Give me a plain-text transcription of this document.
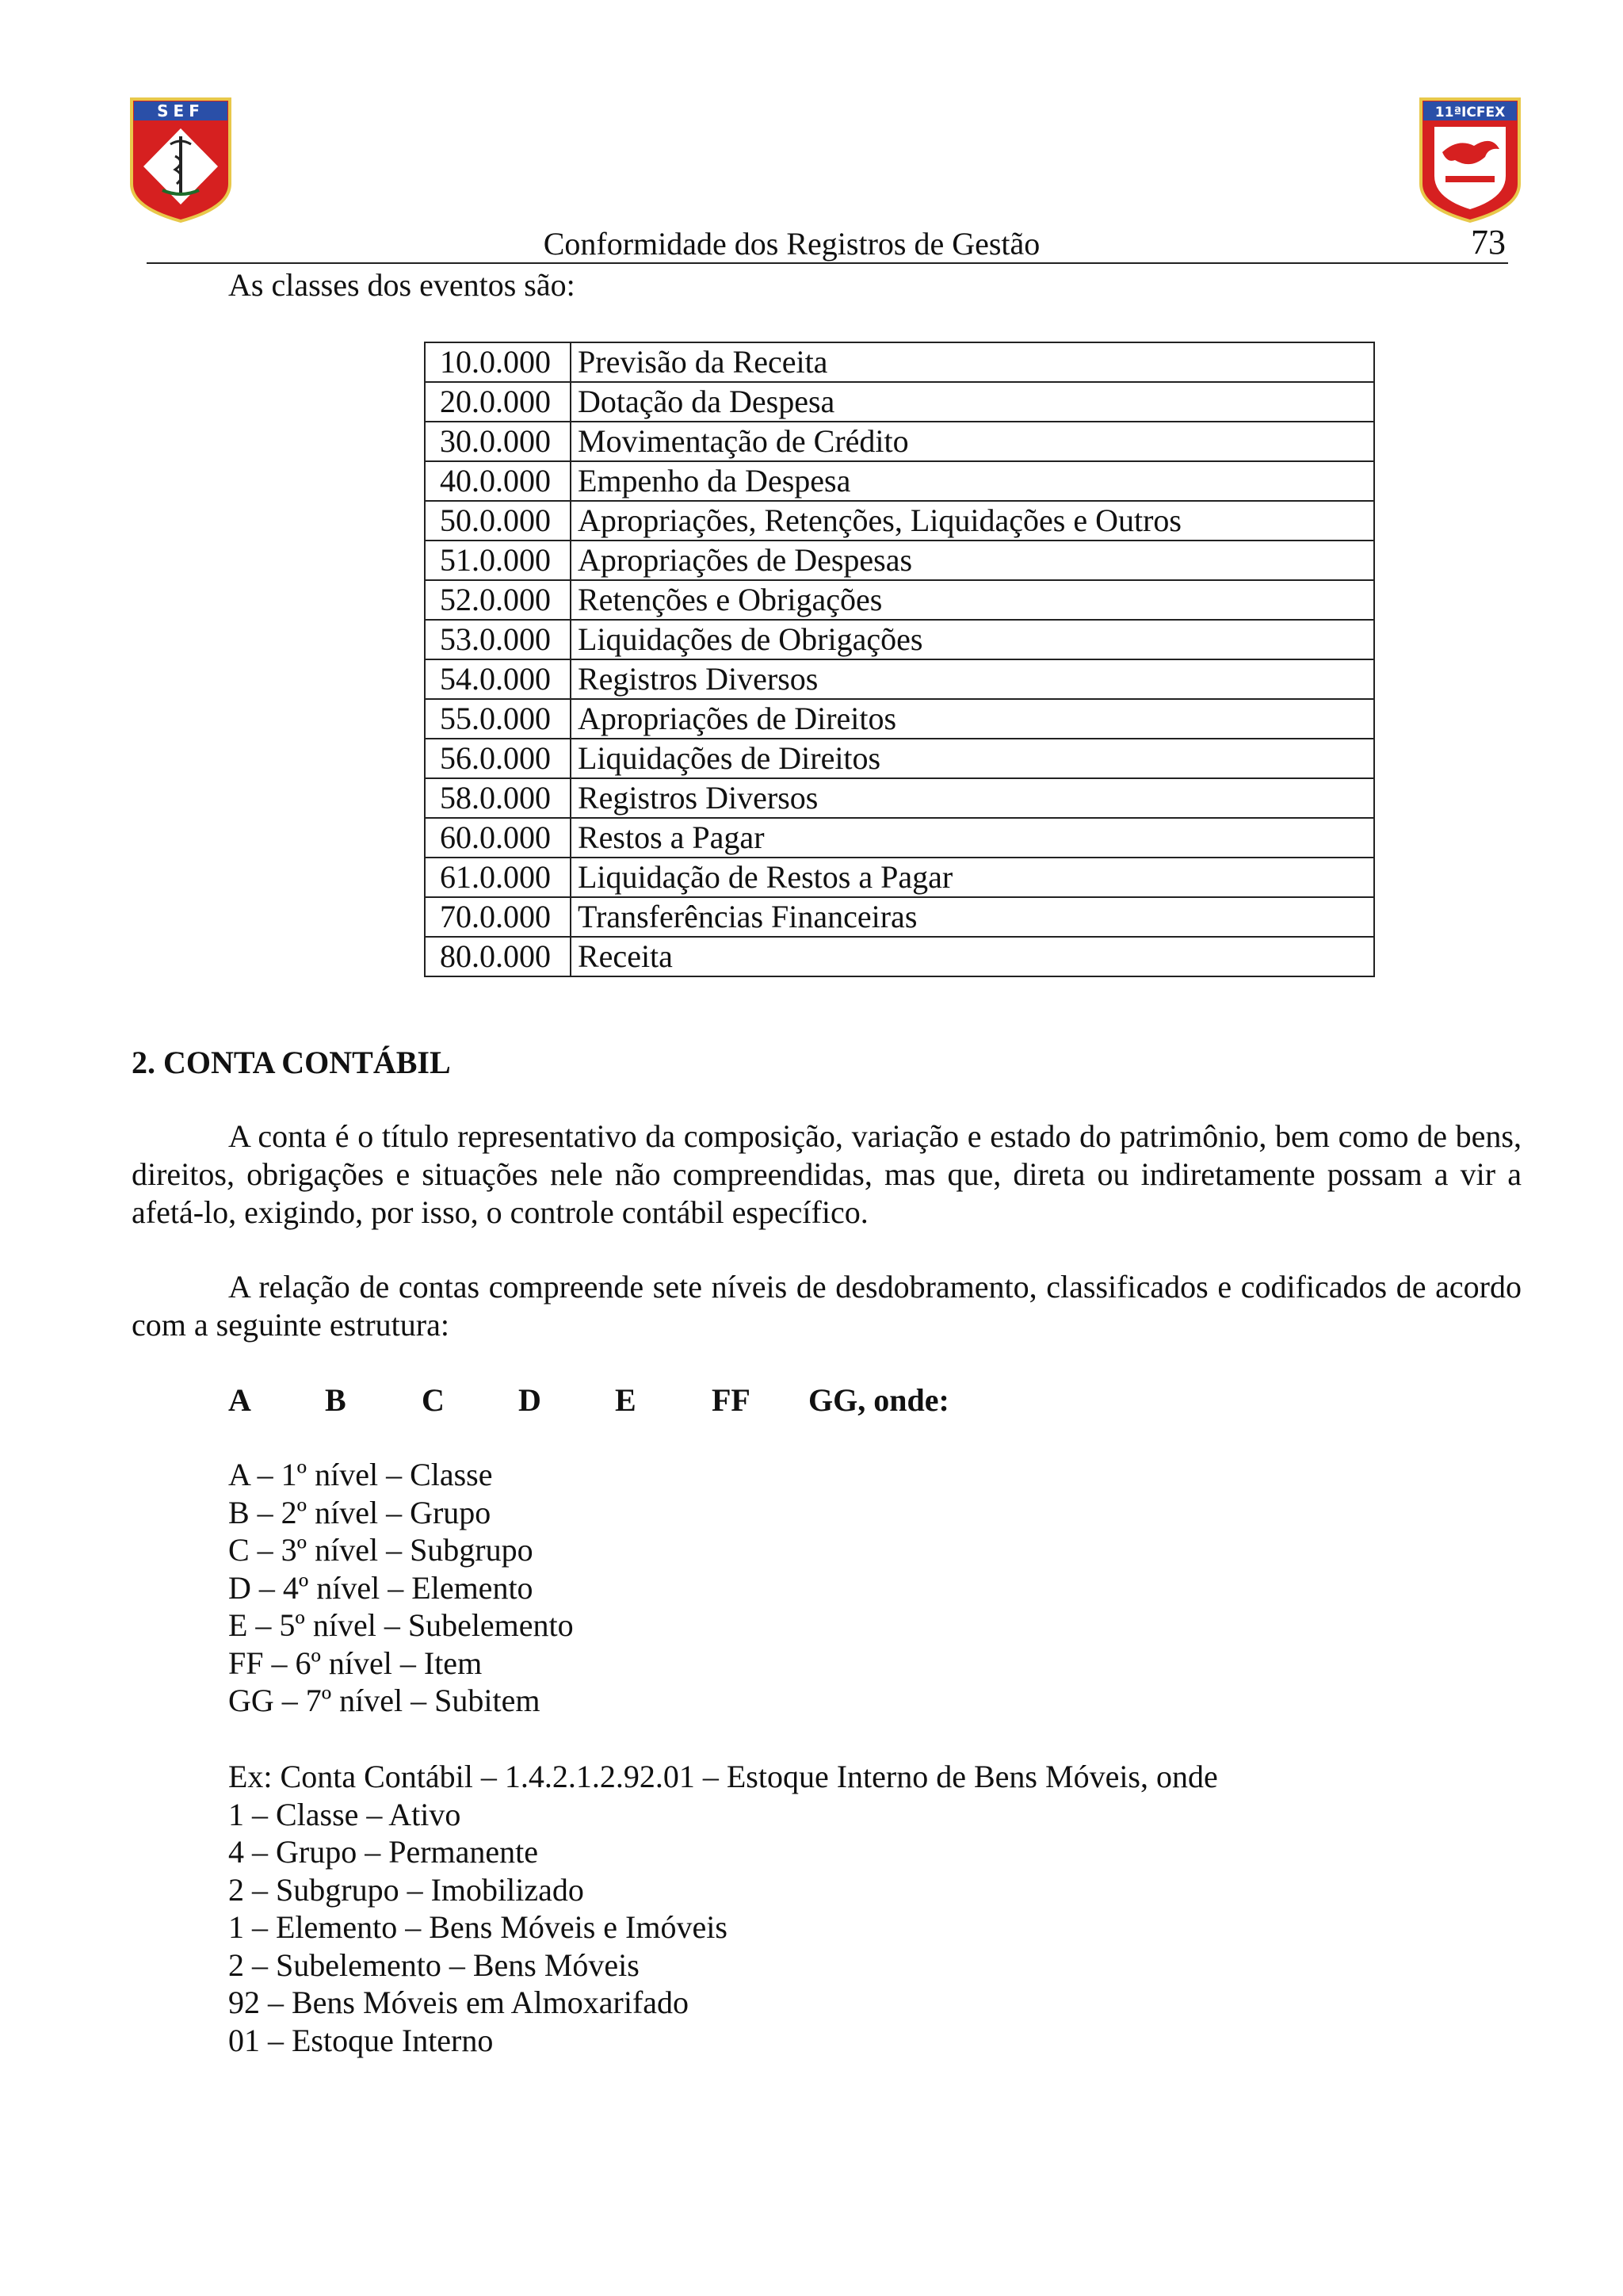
SEF	11ªICFEX
Conformidade dos Registros de Gestão	73
As classes dos eventos são:
10.0.000	Previsão da Receita
20.0.000	Dotação da Despesa
30.0.000	Movimentação de Crédito
40.0.000	Empenho da Despesa
50.0.000	Apropriações, Retenções, Liquidações e Outros
51.0.000	Apropriações de Despesas
52.0.000	Retenções e Obrigações
53.0.000	Liquidações de Obrigações
54.0.000	Registros Diversos
55.0.000	Apropriações de Direitos
56.0.000	Liquidações de Direitos
58.0.000	Registros Diversos
60.0.000	Restos a Pagar
61.0.000	Liquidação de Restos a Pagar
70.0.000	Transferências Financeiras
80.0.000	Receita
2. CONTA CONTÁBIL
A conta é o título representativo da composição, variação e estado do patrimônio, bem como de bens, direitos, obrigações e situações nele não compreendidas, mas que, direta ou indiretamente possam a vir a afetá-lo, exigindo, por isso, o controle contábil específico.
A relação de contas compreende sete níveis de desdobramento, classificados e codificados de acordo com a seguinte estrutura:
A B C D E FF GG, onde:
A – 1º nível – Classe
B – 2º nível – Grupo
C – 3º nível – Subgrupo
D – 4º nível – Elemento
E – 5º nível – Subelemento
FF – 6º nível – Item
GG – 7º nível – Subitem
Ex: Conta Contábil – 1.4.2.1.2.92.01 – Estoque Interno de Bens Móveis, onde
1 – Classe – Ativo
4 – Grupo – Permanente
2 – Subgrupo – Imobilizado
1 – Elemento – Bens Móveis e Imóveis
2 – Subelemento – Bens Móveis
92 – Bens Móveis em Almoxarifado
01 – Estoque Interno
